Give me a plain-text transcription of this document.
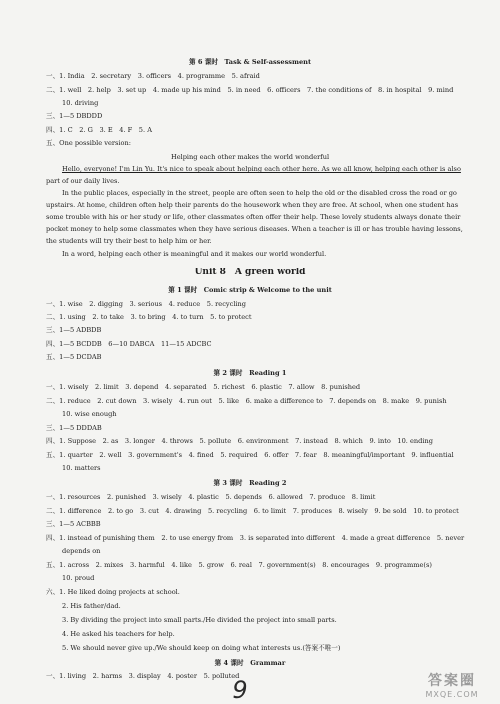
第 6 课时　Task & Self-assessment
一、1. India　2. secretary　3. officers　4. programme　5. afraid
二、1. well　2. help　3. set up　4. made up his mind　5. in need　6. officers　7. the conditions of　8. in hospital　9. mind
10. driving
三、1—5 DBDDD
四、1. C　2. G　3. E　4. F　5. A
五、One possible version:
Helping each other makes the world wonderful
Hello, everyone! I'm Lin Yu. It's nice to speak about helping each other here. As we all know, helping each other is also
part of our daily lives.
In the public places, especially in the street, people are often seen to help the old or the disabled cross the road or go
upstairs. At home, children often help their parents do the housework when they are free. At school, when one student has
some trouble with his or her study or life, other classmates often offer their help. These lovely students always donate their
pocket money to help some classmates when they have serious diseases. When a teacher is ill or has trouble having lessons,
the students will try their best to help him or her.
In a word, helping each other is meaningful and it makes our world wonderful.
Unit 8　A green world
第 1 课时　Comic strip & Welcome to the unit
一、1. wise　2. digging　3. serious　4. reduce　5. recycling
二、1. using　2. to take　3. to bring　4. to turn　5. to protect
三、1—5 ADBDB
四、1—5 BCDDB　6—10 DABCA　11—15 ADCBC
五、1—5 DCDAB
第 2 课时　Reading 1
一、1. wisely　2. limit　3. depend　4. separated　5. richest　6. plastic　7. allow　8. punished
二、1. reduce　2. cut down　3. wisely　4. run out　5. like　6. make a difference to　7. depends on　8. make　9. punish
10. wise enough
三、1—5 DDDAB
四、1. Suppose　2. as　3. longer　4. throws　5. pollute　6. environment　7. instead　8. which　9. into　10. ending
五、1. quarter　2. well　3. government's　4. fined　5. required　6. offer　7. fear　8. meaningful/important　9. influential
10. matters
第 3 课时　Reading 2
一、1. resources　2. punished　3. wisely　4. plastic　5. depends　6. allowed　7. produce　8. limit
二、1. difference　2. to go　3. cut　4. drawing　5. recycling　6. to limit　7. produces　8. wisely　9. be sold　10. to protect
三、1—5 ACBBB
四、1. instead of punishing them　2. to use energy from　3. is separated into different　4. made a great difference　5. never
depends on
五、1. across　2. mixes　3. harmful　4. like　5. grow　6. real　7. government(s)　8. encourages　9. programme(s)
10. proud
六、1. He liked doing projects at school.
2. His father/dad.
3. By dividing the project into small parts./He divided the project into small parts.
4. He asked his teachers for help.
5. We should never give up./We should keep on doing what interests us.(答案不唯一)
第 4 课时　Grammar
一、1. living　2. harms　3. display　4. poster　5. polluted
9	答案圈
MXQE.COM
